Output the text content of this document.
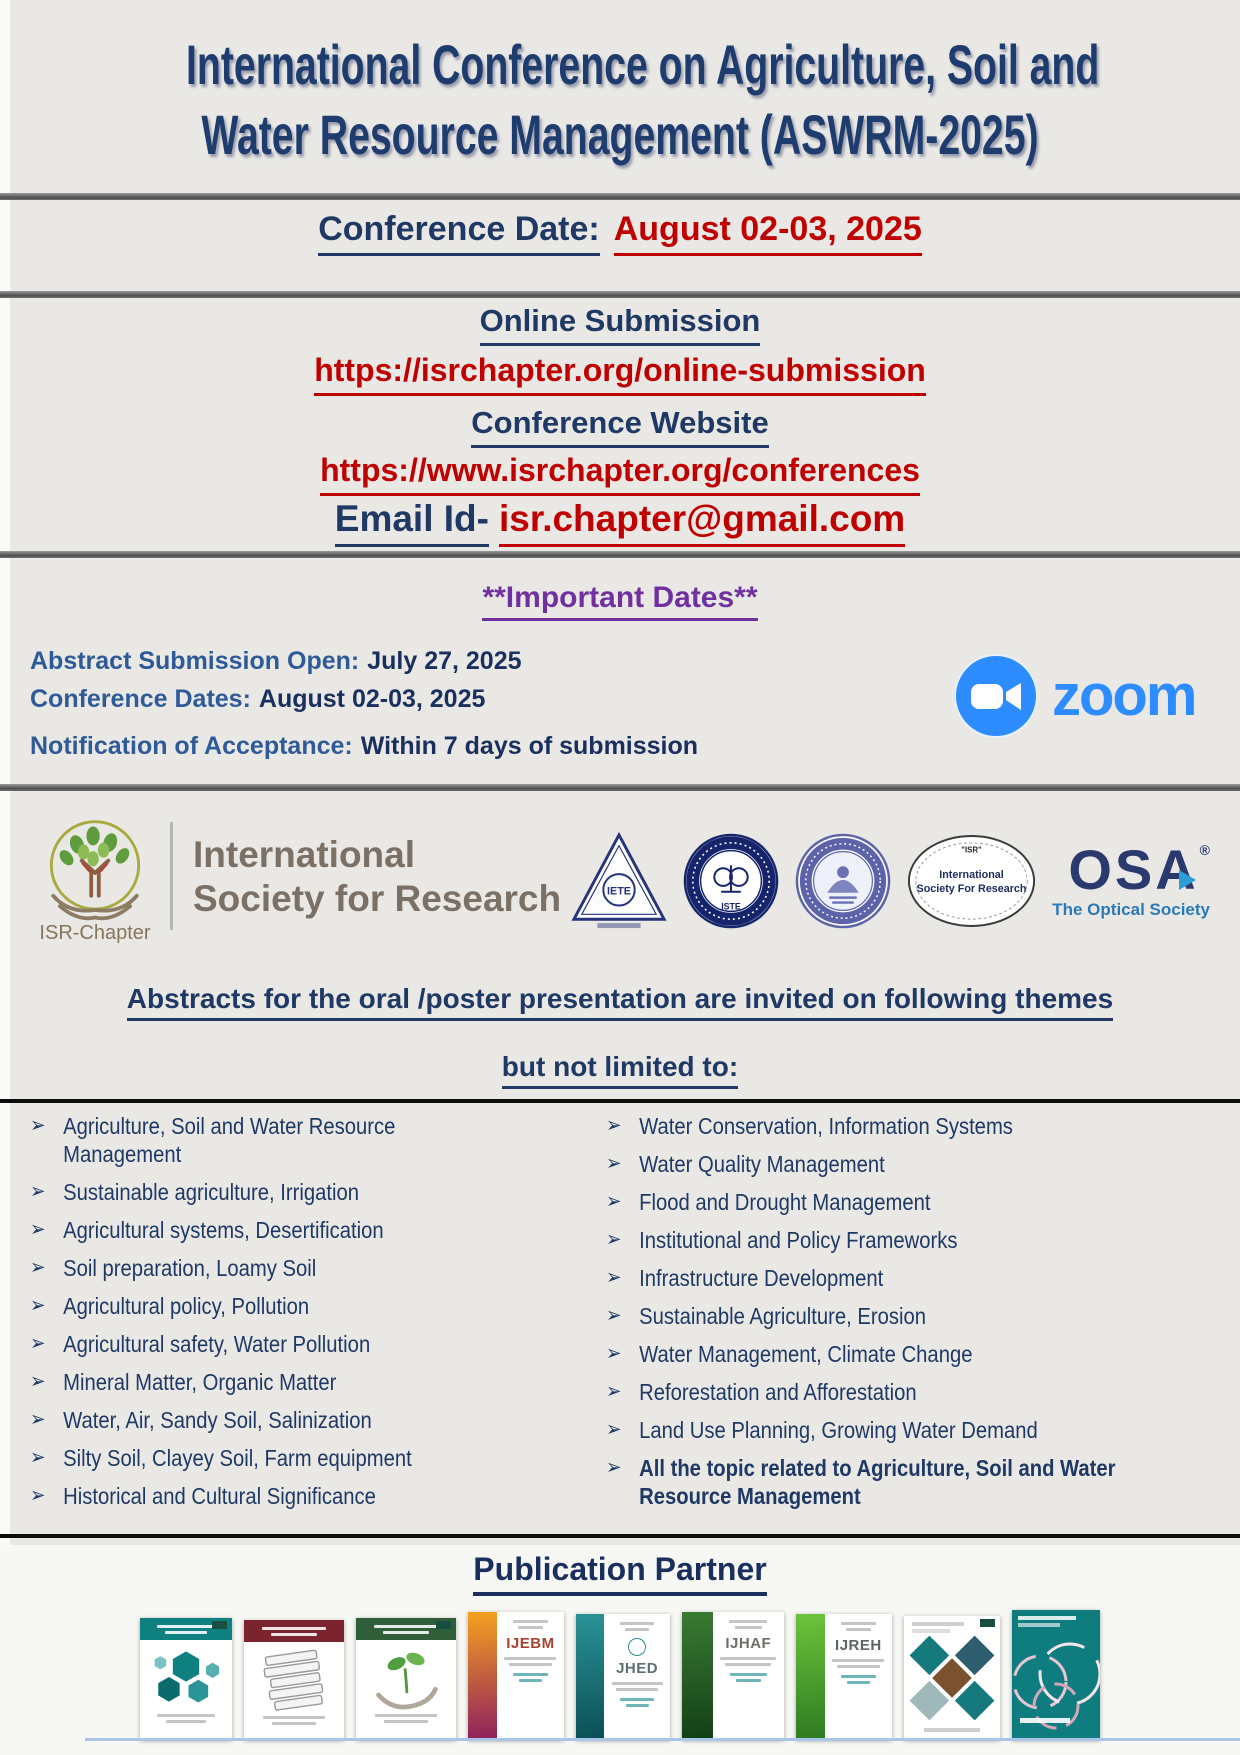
International Conference on Agriculture, Soil and
Water Resource Management (ASWRM-2025)
Conference Date: August 02-03, 2025
Online Submission
https://isrchapter.org/online-submission
Conference Website
https://www.isrchapter.org/conferences
Email Id- isr.chapter@gmail.com
**Important Dates**
Abstract Submission Open: July 27, 2025
Conference Dates: August 02-03, 2025
Notification of Acceptance: Within 7 days of submission
zoom
ISR-Chapter
International
Society for Research	IETE
ISTE
"ISR"
International
Society For Research OSA ®
The Optical Society
Abstracts for the oral /poster presentation are invited on following themes
but not limited to:
➢ Agriculture, Soil and Water Resource Management
➢ Sustainable agriculture, Irrigation
➢ Agricultural systems, Desertification
➢ Soil preparation, Loamy Soil
➢ Agricultural policy, Pollution
➢ Agricultural safety, Water Pollution
➢ Mineral Matter, Organic Matter
➢ Water, Air, Sandy Soil, Salinization
➢ Silty Soil, Clayey Soil, Farm equipment
➢ Historical and Cultural Significance
➢ Water Conservation, Information Systems
➢ Water Quality Management
➢ Flood and Drought Management
➢ Institutional and Policy Frameworks
➢ Infrastructure Development
➢ Sustainable Agriculture, Erosion
➢ Water Management, Climate Change
➢ Reforestation and Afforestation
➢ Land Use Planning, Growing Water Demand
➢ All the topic related to Agriculture, Soil and Water Resource Management
Publication Partner
IJEBM
JHED
IJHAF	IJREH
